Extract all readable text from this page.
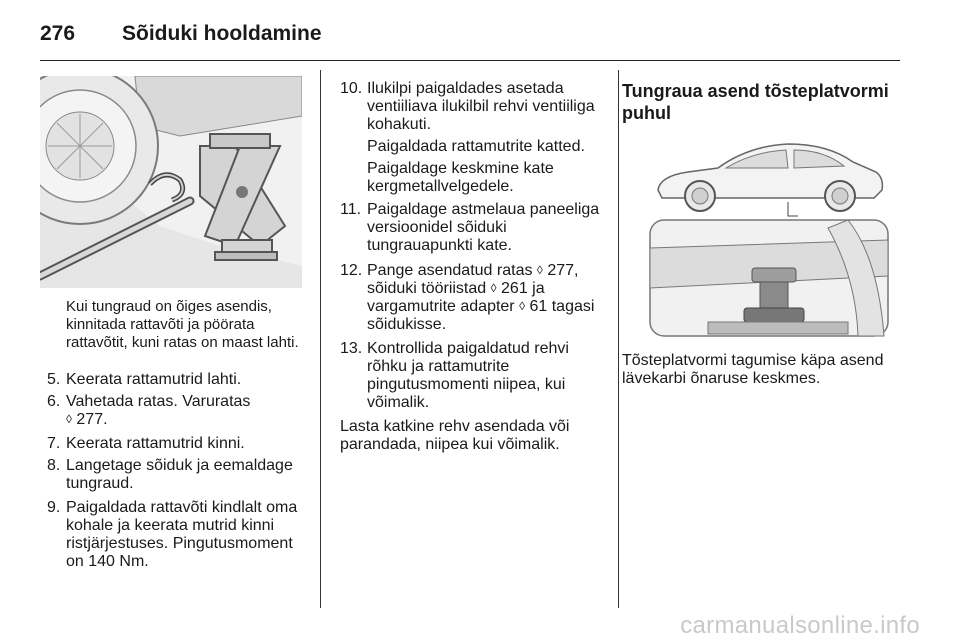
276 Sõiduki hooldamine

Kui tungraud on õiges asendis, kinnitada rattavõti ja pöörata rattavõtit, kuni ratas on maast lahti.

5. Keerata rattamutrid lahti.
6. Vahetada ratas. Varuratas
◊ 277.
7. Keerata rattamutrid kinni.
8. Langetage sõiduk ja eemaldage
tungraud.
9. Paigaldada rattavõti kindlalt oma
kohale ja keerata mutrid kinni
ristjärjestuses. Pingutusmoment
on 140 Nm.
10. Ilukilpi paigaldades asetada
ventiiliava ilukilbil rehvi ventiiliga
kohakuti.
Paigaldada rattamutrite katted.
Paigaldage keskmine kate
kergmetallvelgedele.
11. Paigaldage astmelaua paneeliga
versioonidel sõiduki
tungrauapunkti kate.
12. Pange asendatud ratas ◊ 277,
sõiduki tööriistad ◊ 261 ja
vargamutrite adapter ◊ 61 tagasi
sõidukisse.
13. Kontrollida paigaldatud rehvi
rõhku ja rattamutrite
pingutusmomenti niipea, kui
võimalik.
Lasta katkine rehv asendada või
parandada, niipea kui võimalik.
Tungraua asend tõsteplatvormi
puhul
Tõsteplatvormi tagumise käpa asend
lävekarbi õnaruse keskmes.
carmanualsonline.info
